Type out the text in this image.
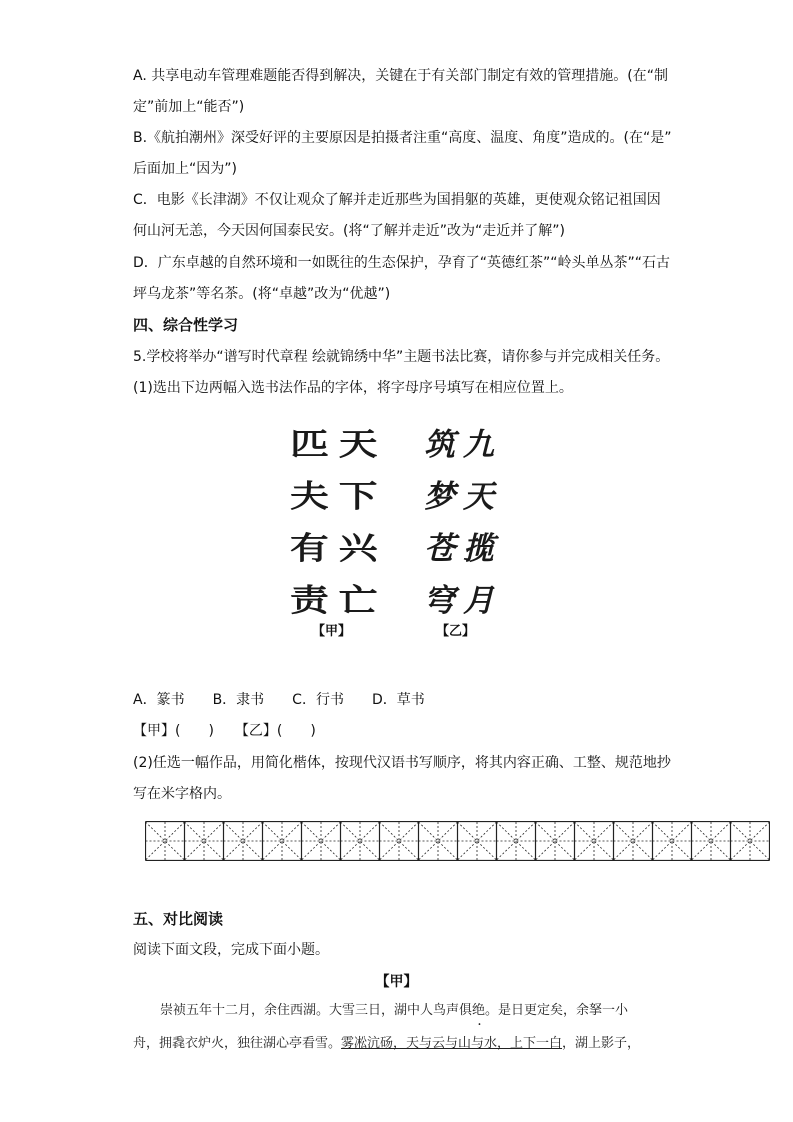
A. 共享电动车管理难题能否得到解决，关键在于有关部门制定有效的管理措施。(在“制
定”前加上“能否”)
B.《航拍潮州》深受好评的主要原因是拍摄者注重“高度、温度、角度”造成的。(在“是”
后面加上“因为”)
C．电影《长津湖》不仅让观众了解并走近那些为国捐躯的英雄，更使观众铭记祖国因
何山河无恙，今天因何国泰民安。(将“了解并走近”改为“走近并了解”)
D．广东卓越的自然环境和一如既往的生态保护，孕育了“英德红茶”“岭头单丛茶”“石古
坪乌龙茶”等名茶。(将“卓越”改为“优越”)
四、综合性学习
5.学校将举办“谱写时代章程 绘就锦绣中华”主题书法比赛，请你参与并完成相关任务。
(1)选出下边两幅入选书法作品的字体，将字母序号填写在相应位置上。
匹天
夫下
有兴
责亡
筑九
梦天
苍揽
穹月
【甲】	【乙】
A．篆书　　B．隶书　　C．行书　　D．草书
【甲】(　　)　　【乙】(　　)
(2)任选一幅作品，用简化楷体，按现代汉语书写顺序，将其内容正确、工整、规范地抄
写在米字格内。
五、对比阅读
阅读下面文段，完成下面小题。
【甲】
崇祯五年十二月，余住西湖。大雪三日，湖中人鸟声俱绝。是日更定矣，余拏一小
舟，拥毳衣炉火，独往湖心亭看雪。雾凇沆砀，天与云与山与水，上下一白，湖上影子，
